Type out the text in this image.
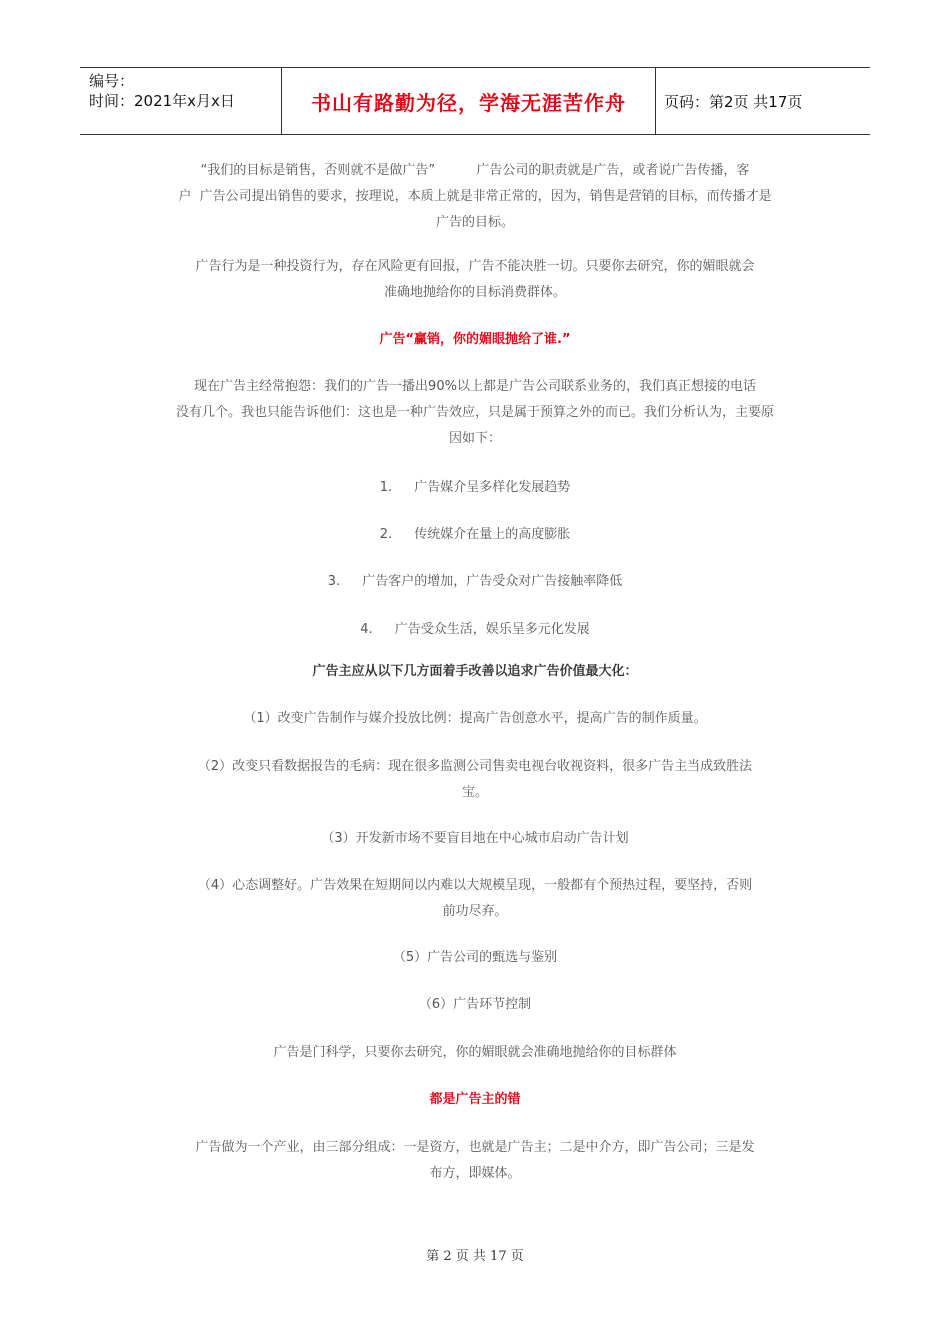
编号：
时间：2021年x月x日	书山有路勤为径，学海无涯苦作舟	页码：第2页 共17页

“我们的目标是销售，否则就不是做广告”          广告公司的职责就是广告，或者说广告传播，客

户  广告公司提出销售的要求，按理说，本质上就是非常正常的，因为，销售是营销的目标，而传播才是

广告的目标。

广告行为是一种投资行为，存在风险更有回报，广告不能决胜一切。只要你去研究，你的媚眼就会

准确地抛给你的目标消费群体。

广告“赢销，你的媚眼抛给了谁.”

现在广告主经常抱怨：我们的广告一播出90%以上都是广告公司联系业务的，我们真正想接的电话

没有几个。我也只能告诉他们：这也是一种广告效应，只是属于预算之外的而已。我们分析认为，主要原

因如下：

1. 广告媒介呈多样化发展趋势
2. 传统媒介在量上的高度膨胀
3. 广告客户的增加，广告受众对广告接触率降低
4. 广告受众生活，娱乐呈多元化发展

广告主应从以下几方面着手改善以追求广告价值最大化：

（1）改变广告制作与媒介投放比例：提高广告创意水平，提高广告的制作质量。

（2）改变只看数据报告的毛病：现在很多监测公司售卖电视台收视资料，很多广告主当成致胜法

宝。

（3）开发新市场不要盲目地在中心城市启动广告计划

（4）心态调整好。广告效果在短期间以内难以大规模呈现，一般都有个预热过程，要坚持，否则

前功尽弃。

（5）广告公司的甄选与鉴别

（6）广告环节控制

广告是门科学，只要你去研究，你的媚眼就会准确地抛给你的目标群体

都是广告主的错

广告做为一个产业，由三部分组成：一是资方，也就是广告主；二是中介方，即广告公司；三是发

布方，即媒体。

第 2 页 共 17 页
